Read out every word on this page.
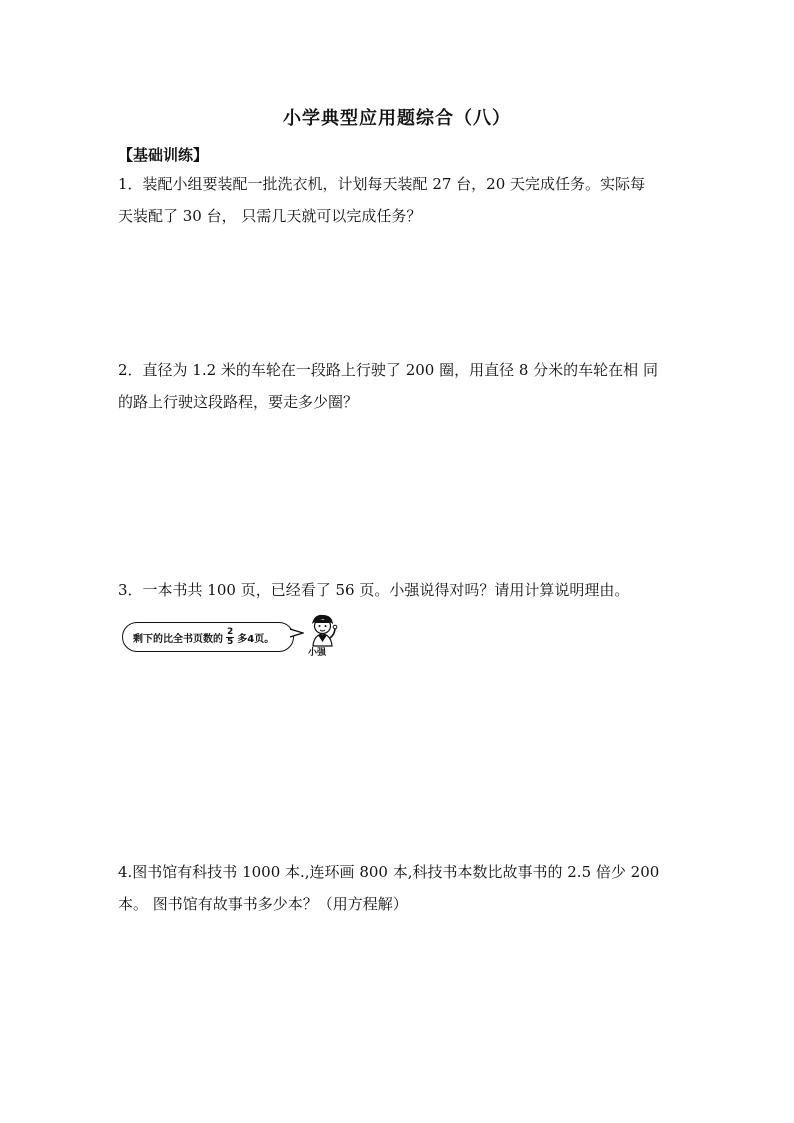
小学典型应用题综合（八）
【基础训练】

1．装配小组要装配一批洗衣机，计划每天装配 27 台，20 天完成任务。实际每

天装配了 30 台， 只需几天就可以完成任务？

2．直径为 1.2 米的车轮在一段路上行驶了 200 圈，用直径 8 分米的车轮在相 同

的路上行驶这段路程，要走多少圈？

3．一本书共 100 页，已经看了 56 页。小强说得对吗？请用计算说明理由。

剩下的比全书页数的 $\frac{2}{5}$ 多4页。
小强

4.图书馆有科技书 1000 本.,连环画 800 本,科技书本数比故事书的 2.5 倍少 200

本。 图书馆有故事书多少本？（用方程解）
